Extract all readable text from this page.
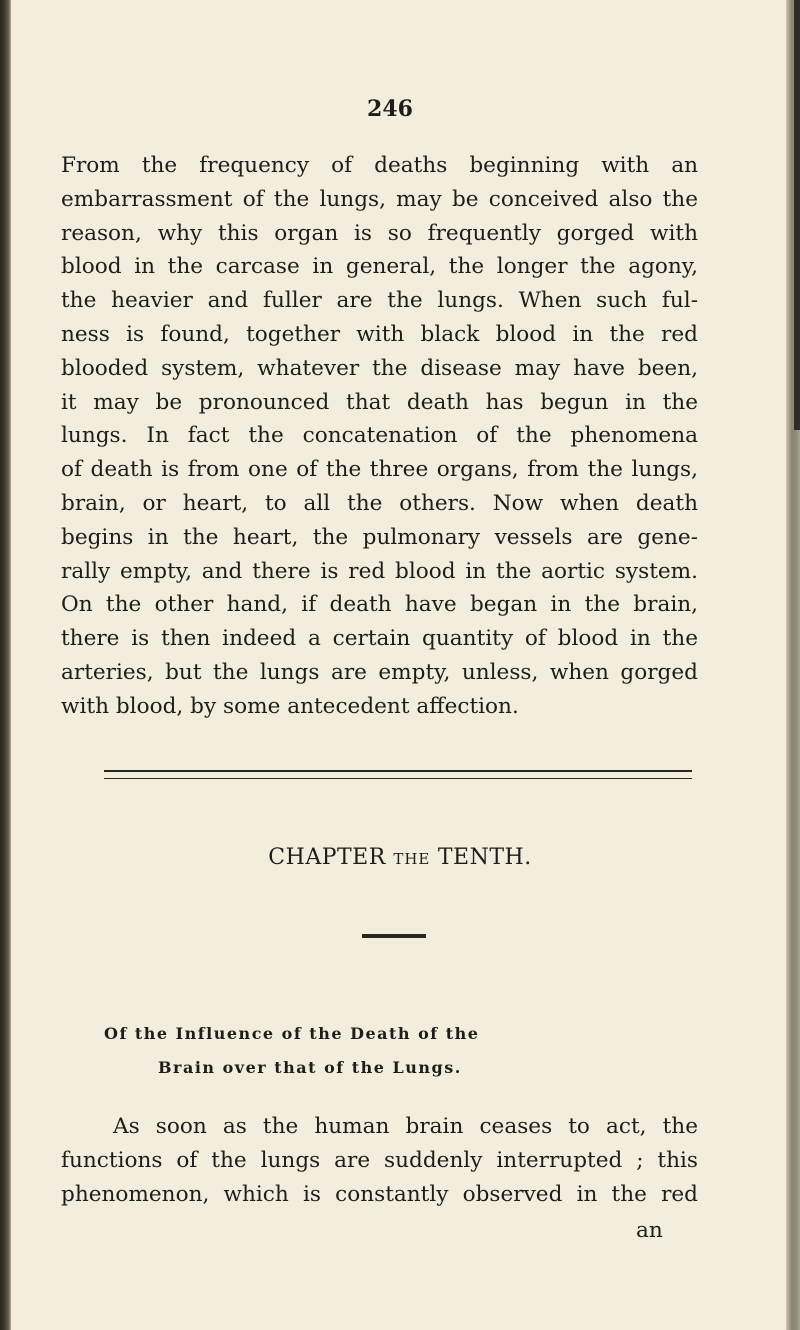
246

From the frequency of deaths beginning with an
embarrassment of the lungs, may be conceived also the
reason, why this organ is so frequently gorged with
blood in the carcase in general, the longer the agony,
the heavier and fuller are the lungs. When such ful-
ness is found, together with black blood in the red
blooded system, whatever the disease may have been,
it may be pronounced that death has begun in the
lungs. In fact the concatenation of the phenomena
of death is from one of the three organs, from the lungs,
brain, or heart, to all the others. Now when death
begins in the heart, the pulmonary vessels are gene-
rally empty, and there is red blood in the aortic system.
On the other hand, if death have began in the brain,
there is then indeed a certain quantity of blood in the
arteries, but the lungs are empty, unless, when gorged
with blood, by some antecedent affection.

CHAPTER THE TENTH.
Of the Influence of the Death of the
Brain over that of the Lungs.

As soon as the human brain ceases to act, the
functions of the lungs are suddenly interrupted ; this
phenomenon, which is constantly observed in the red

an
